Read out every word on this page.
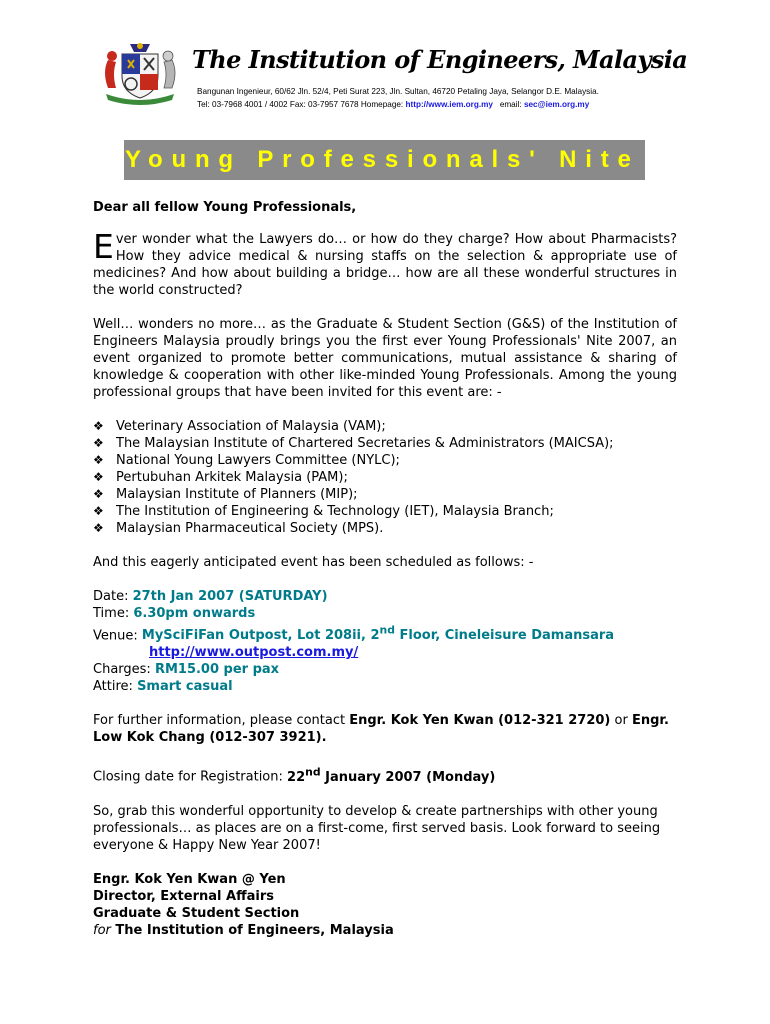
The Institution of Engineers, Malaysia
Bangunan Ingenieur, 60/62 Jln. 52/4, Peti Surat 223, Jln. Sultan, 46720 Petaling Jaya, Selangor D.E. Malaysia.
Tel: 03-7968 4001 / 4002 Fax: 03-7957 7678 Homepage: http://www.iem.org.my email: sec@iem.org.my
Young Professionals' Nite

Dear all fellow Young Professionals,

Ever wonder what the Lawyers do… or how do they charge? How about Pharmacists? How they advice medical & nursing staffs on the selection & appropriate use of medicines? And how about building a bridge… how are all these wonderful structures in the world constructed?

Well… wonders no more… as the Graduate & Student Section (G&S) of the Institution of Engineers Malaysia proudly brings you the first ever Young Professionals' Nite 2007, an event organized to promote better communications, mutual assistance & sharing of knowledge & cooperation with other like-minded Young Professionals. Among the young professional groups that have been invited for this event are: -

❖ Veterinary Association of Malaysia (VAM);
❖ The Malaysian Institute of Chartered Secretaries & Administrators (MAICSA);
❖ National Young Lawyers Committee (NYLC);
❖ Pertubuhan Arkitek Malaysia (PAM);
❖ Malaysian Institute of Planners (MIP);
❖ The Institution of Engineering & Technology (IET), Malaysia Branch;
❖ Malaysian Pharmaceutical Society (MPS).

And this eagerly anticipated event has been scheduled as follows: -

Date: 27th Jan 2007 (SATURDAY)
Time: 6.30pm onwards
Venue: MySciFiFan Outpost, Lot 208ii, 2nd Floor, Cineleisure Damansara
http://www.outpost.com.my/
Charges: RM15.00 per pax
Attire: Smart casual

For further information, please contact Engr. Kok Yen Kwan (012-321 2720) or Engr. Low Kok Chang (012-307 3921).

Closing date for Registration: 22nd January 2007 (Monday)

So, grab this wonderful opportunity to develop & create partnerships with other young professionals… as places are on a first-come, first served basis. Look forward to seeing everyone & Happy New Year 2007!

Engr. Kok Yen Kwan @ Yen
Director, External Affairs
Graduate & Student Section
for The Institution of Engineers, Malaysia
